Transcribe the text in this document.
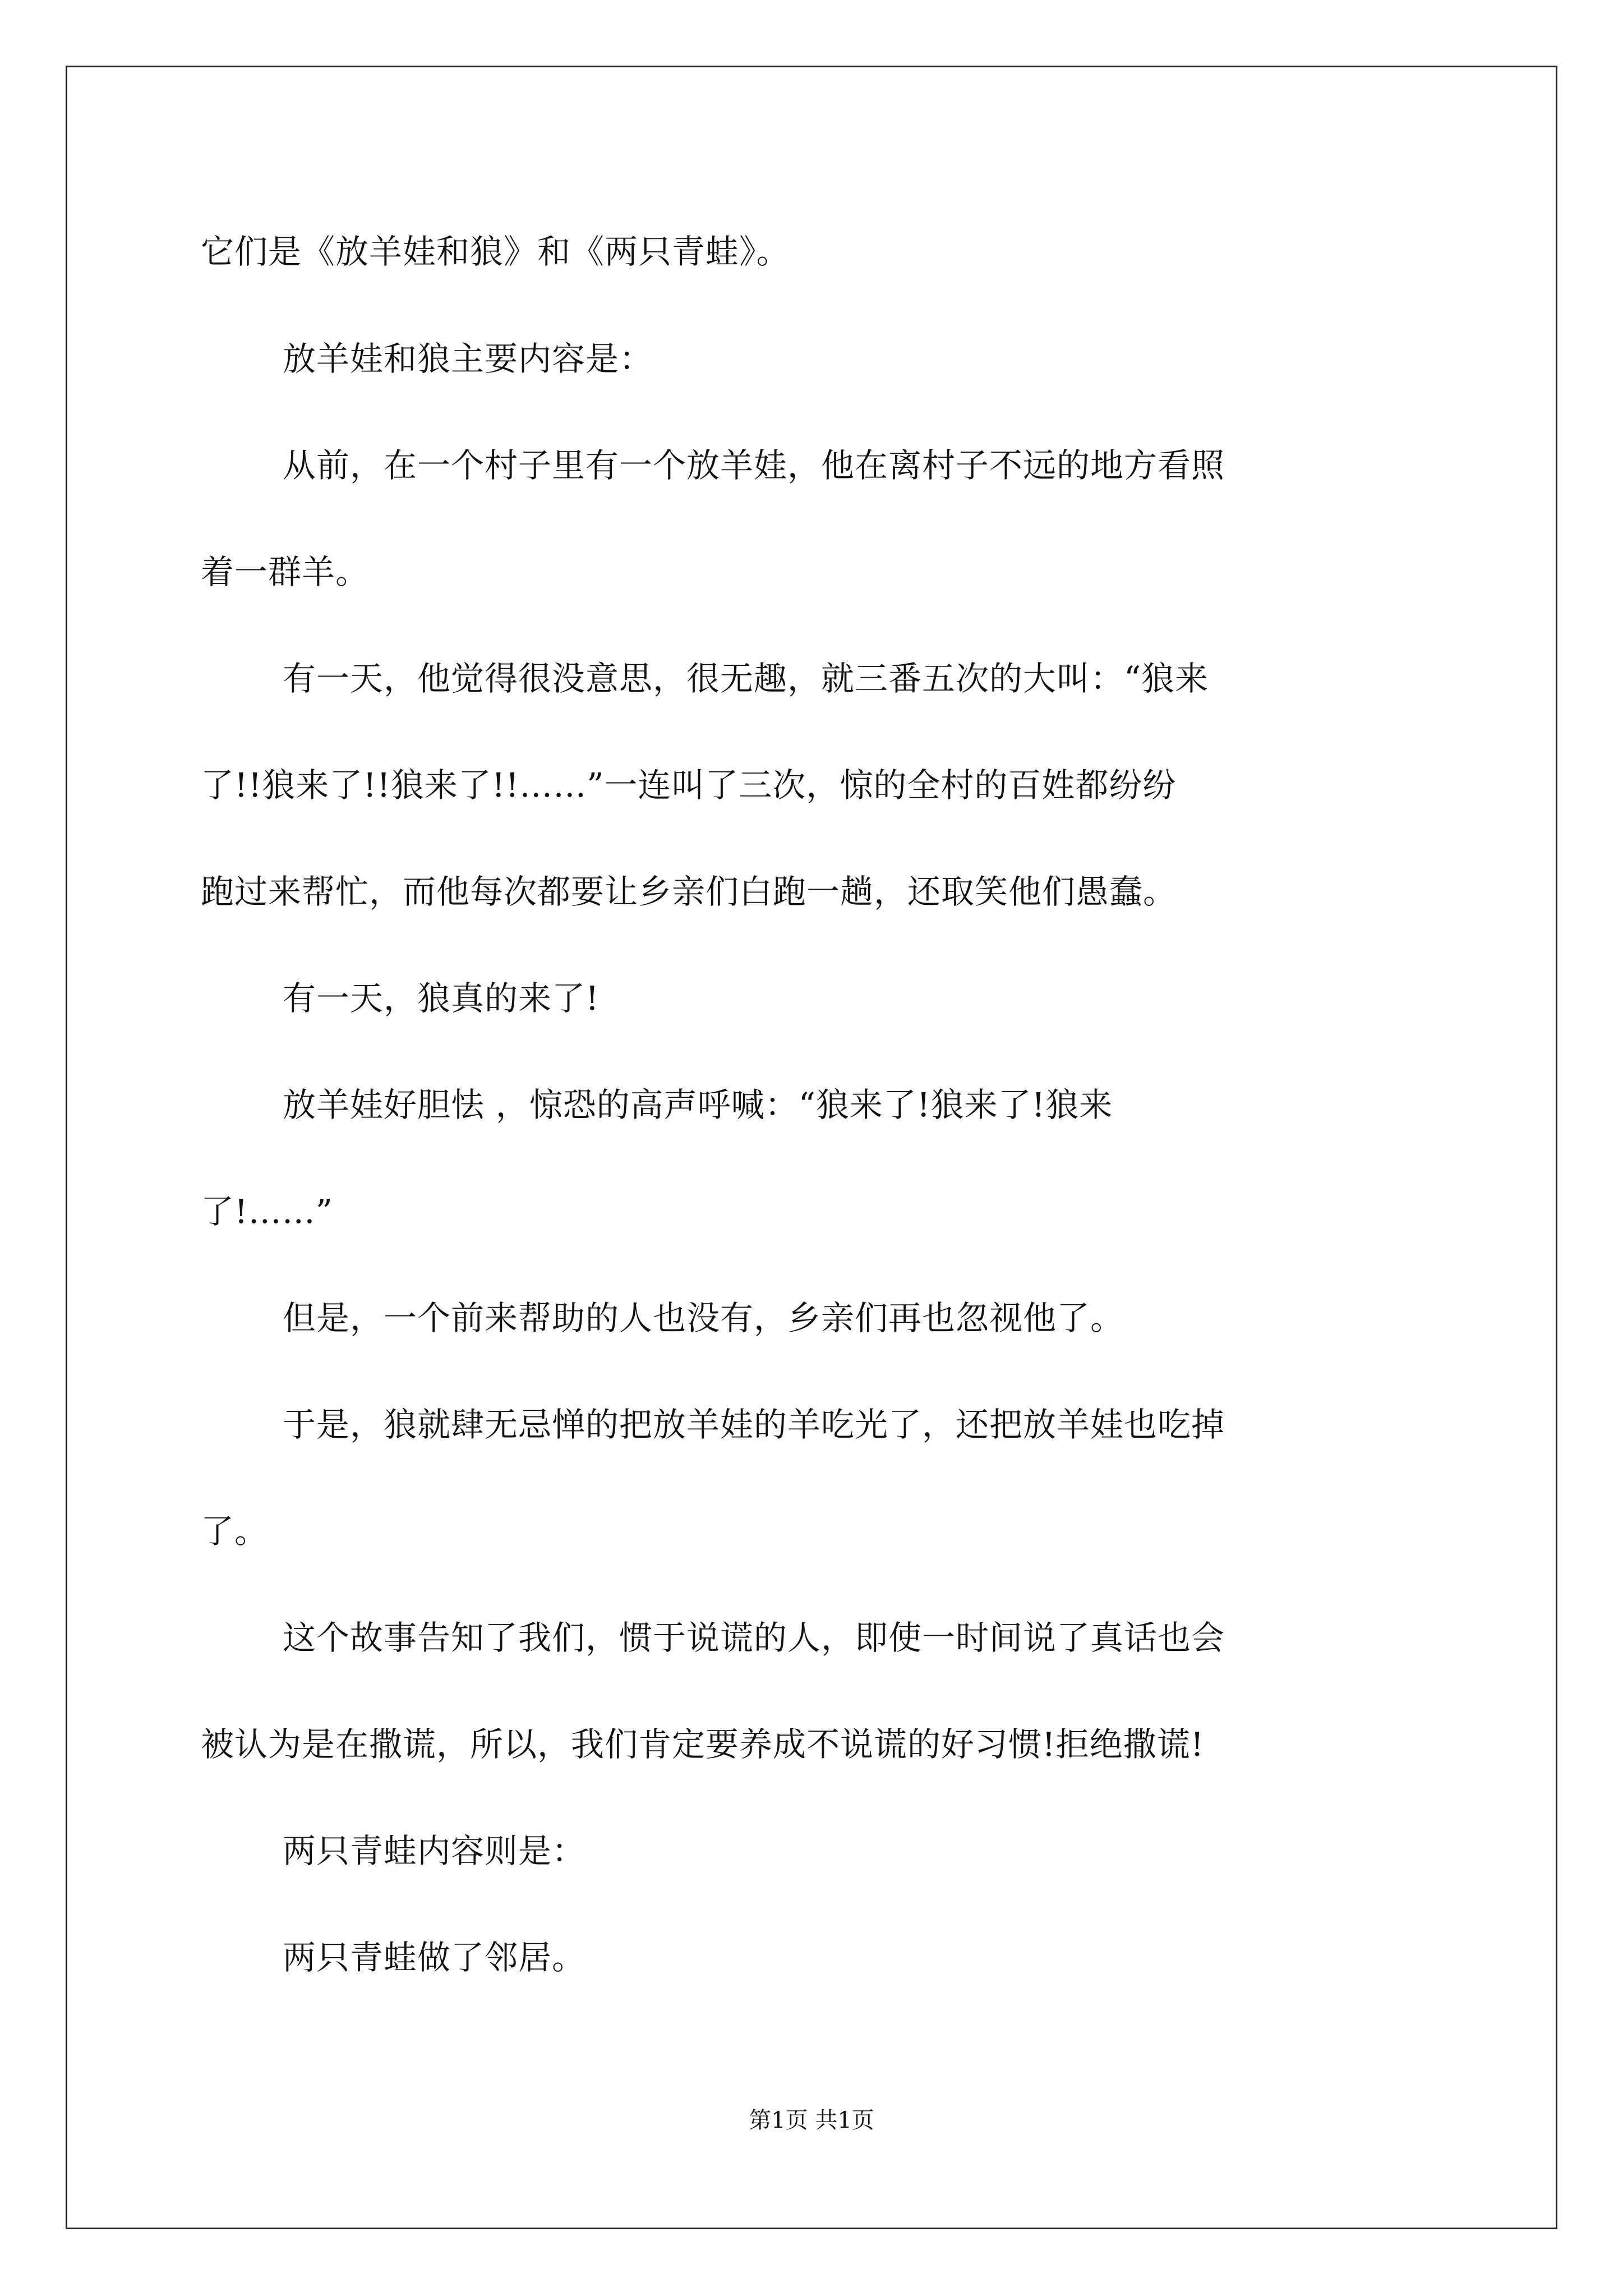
它们是《放羊娃和狼》和《两只青蛙》。
放羊娃和狼主要内容是：
从前，在一个村子里有一个放羊娃，他在离村子不远的地方看照
着一群羊。
有一天，他觉得很没意思，很无趣，就三番五次的大叫：“狼来
了!!狼来了!!狼来了!!……”一连叫了三次，惊的全村的百姓都纷纷
跑过来帮忙，而他每次都要让乡亲们白跑一趟，还取笑他们愚蠢。
有一天，狼真的来了!
放羊娃好胆怯 ，惊恐的高声呼喊：“狼来了!狼来了!狼来
了!……”
但是，一个前来帮助的人也没有，乡亲们再也忽视他了。
于是，狼就肆无忌惮的把放羊娃的羊吃光了，还把放羊娃也吃掉
了。
这个故事告知了我们，惯于说谎的人，即使一时间说了真话也会
被认为是在撒谎，所以，我们肯定要养成不说谎的好习惯!拒绝撒谎!
两只青蛙内容则是：
两只青蛙做了邻居。
第1页 共1页
